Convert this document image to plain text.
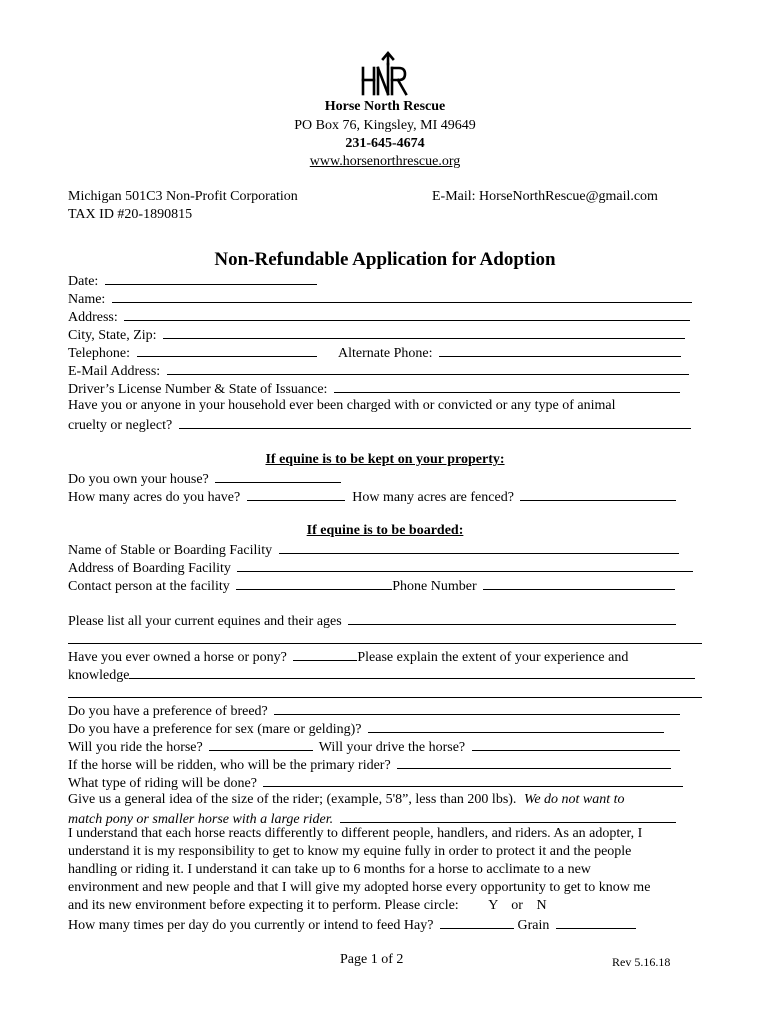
Horse North Rescue
PO Box 76, Kingsley, MI 49649
231-645-4674
www.horsenorthrescue.org
Michigan 501C3 Non-Profit Corporation	E-Mail: HorseNorthRescue@gmail.com
TAX ID #20-1890815
Non-Refundable Application for Adoption
Date:
Name:
Address:
City, State, Zip:
Telephone:	Alternate Phone:
E-Mail Address:
Driver’s License Number & State of Issuance:
Have you or anyone in your household ever been charged with or convicted or any type of animal
cruelty or neglect?
If equine is to be kept on your property:
Do you own your house?
How many acres do you have?	How many acres are fenced?
If equine is to be boarded:
Name of Stable or Boarding Facility
Address of Boarding Facility
Contact person at the facility	Phone Number
Please list all your current equines and their ages
Have you ever owned a horse or pony?	Please explain the extent of your experience and
knowledge
Do you have a preference of breed?
Do you have a preference for sex (mare or gelding)?
Will you ride the horse?	Will your drive the horse?
If the horse will be ridden, who will be the primary rider?
What type of riding will be done?
Give us a general idea of the size of the rider; (example, 5'8”, less than 200 lbs). We do not want to
match pony or smaller horse with a large rider.
I understand that each horse reacts differently to different people, handlers, and riders. As an adopter, I
understand it is my responsibility to get to know my equine fully in order to protect it and the people
handling or riding it. I understand it can take up to 6 months for a horse to acclimate to a new
environment and new people and that I will give my adopted horse every opportunity to get to know me
and its new environment before expecting it to perform. Please circle: Y or N
How many times per day do you currently or intend to feed Hay?	Grain
Page 1 of 2	Rev 5.16.18
